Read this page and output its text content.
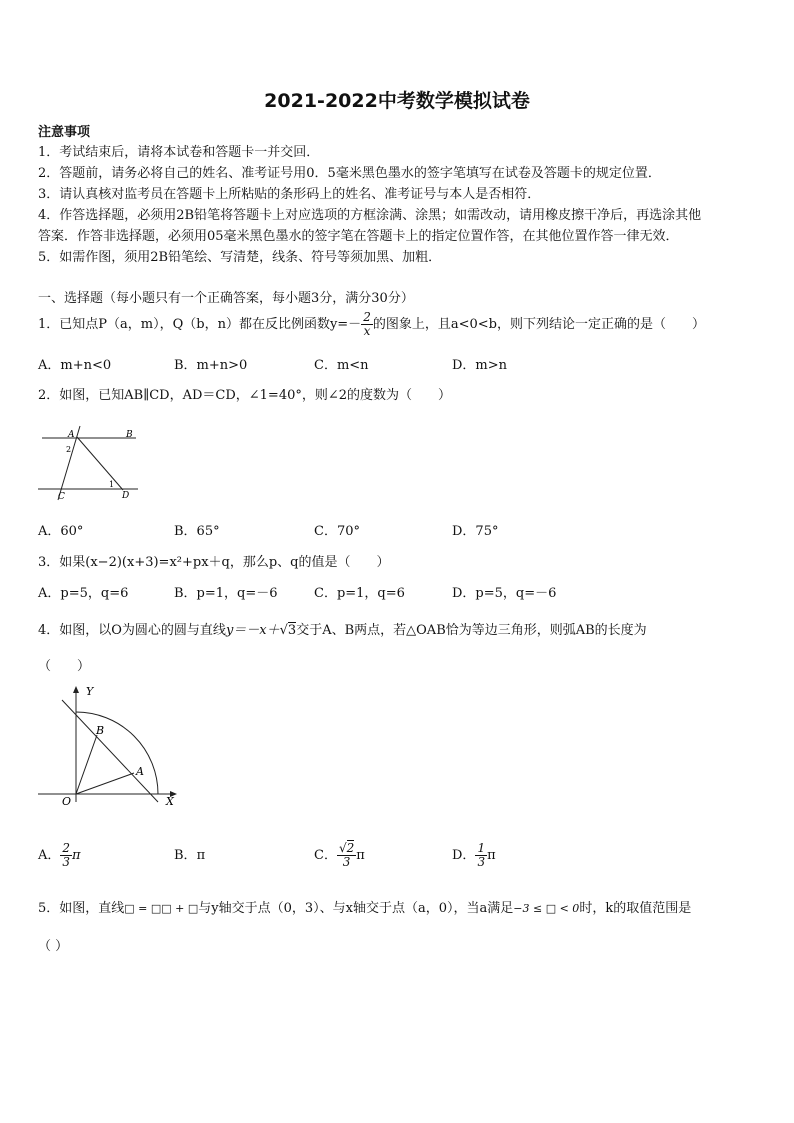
2021-2022中考数学模拟试卷
注意事项
1．考试结束后，请将本试卷和答题卡一并交回．
2．答题前，请务必将自己的姓名、准考证号用0．5毫米黑色墨水的签字笔填写在试卷及答题卡的规定位置．
3．请认真核对监考员在答题卡上所粘贴的条形码上的姓名、准考证号与本人是否相符．
4．作答选择题，必须用2B铅笔将答题卡上对应选项的方框涂满、涂黑；如需改动，请用橡皮擦干净后，再选涂其他
答案．作答非选择题，必须用05毫米黑色墨水的签字笔在答题卡上的指定位置作答，在其他位置作答一律无效．
5．如需作图，须用2B铅笔绘、写清楚，线条、符号等须加黑、加粗．
一、选择题（每小题只有一个正确答案，每小题3分，满分30分）
1．已知点P（a，m），Q（b，n）都在反比例函数$y=- \frac{2}{x}$ 的图象上，且a<0<b，则下列结论一定正确的是（　　）
A．m+n<0	B．m+n>0	C．m<n	D．m>n
2．如图，已知AB∥CD，AD＝CD，∠1=40°，则∠2的度数为（　　）
A	B
C	D
1
2
A．60°	B．65°	C．70°	D．75°
3．如果(x−2)(x+3)=x²+px＋q，那么p、q的值是（　　）
A．p=5，q=6	B．p=1，q=－6	C．p=1，q=6	D．p=5，q=－6
4．如图，以O为圆心的圆与直线y＝－x＋√3交于A、B两点，若△OAB恰为等边三角形，则弧AB的长度为
（　　）
Y
X
O
A
B
A． $\frac{2}{3}$ π	B．π	C． $\frac{√2}{3}$ π	D． $\frac{1}{3}$ π
5．如图，直线□ = □□ + □与y轴交于点（0，3）、与x轴交于点（a，0），当a满足−3 ≤ □ < 0时，k的取值范围是
（ ）
